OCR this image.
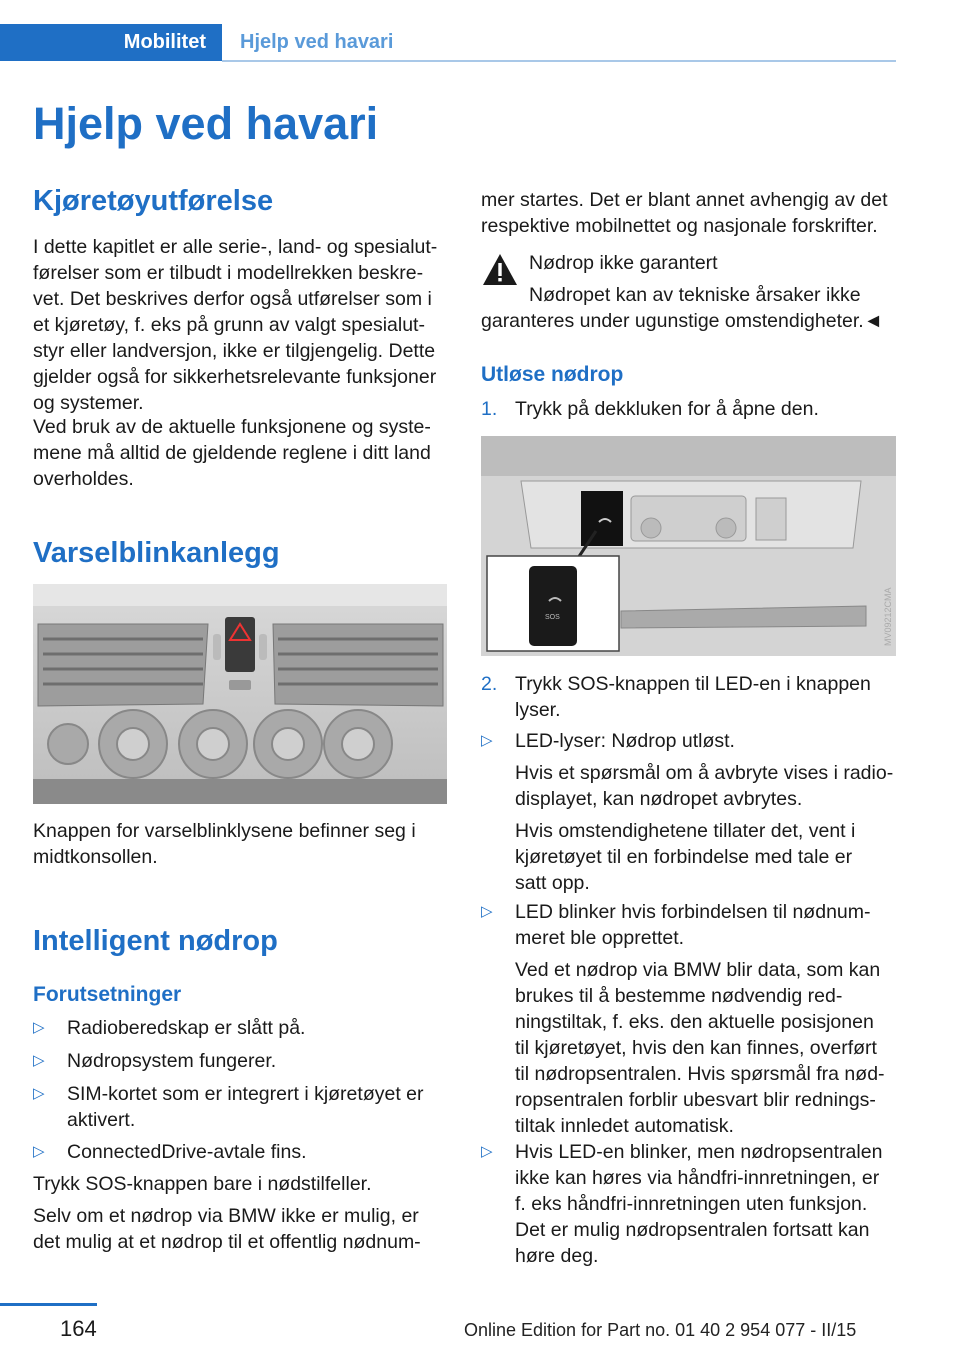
Mobilitet Hjelp ved havari
Hjelp ved havari
Kjøretøyutførelse
I dette kapitlet er alle serie-, land- og spesialut-
førelser som er tilbudt i modellrekken beskre-
vet. Det beskrives derfor også utførelser som i
et kjøretøy, f. eks på grunn av valgt spesialut-
styr eller landversjon, ikke er tilgjengelig. Dette
gjelder også for sikkerhetsrelevante funksjoner
og systemer.
Ved bruk av de aktuelle funksjonene og syste-
mene må alltid de gjeldende reglene i ditt land
overholdes.
Varselblinkanlegg
Knappen for varselblinklysene befinner seg i
midtkonsollen.
Intelligent nødrop
Forutsetninger
▷ Radioberedskap er slått på.
▷ Nødropsystem fungerer.
▷ SIM-kortet som er integrert i kjøretøyet er
aktivert.
▷ ConnectedDrive-avtale fins.
Trykk SOS-knappen bare i nødstilfeller.
Selv om et nødrop via BMW ikke er mulig, er
det mulig at et nødrop til et offentlig nødnum-
mer startes. Det er blant annet avhengig av det
respektive mobilnettet og nasjonale forskrifter.
Nødrop ikke garantert
Nødropet kan av tekniske årsaker ikke
garanteres under ugunstige omstendigheter.◄
Utløse nødrop
1. Trykk på dekkluken for å åpne den.
SOS	MV09212CMA
2. Trykk SOS-knappen til LED-en i knappen
lyser.
▷ LED-lyser: Nødrop utløst.
Hvis et spørsmål om å avbryte vises i radio-
displayet, kan nødropet avbrytes.
Hvis omstendighetene tillater det, vent i
kjøretøyet til en forbindelse med tale er
satt opp.
▷ LED blinker hvis forbindelsen til nødnum-
meret ble opprettet.
Ved et nødrop via BMW blir data, som kan
brukes til å bestemme nødvendig red-
ningstiltak, f. eks. den aktuelle posisjonen
til kjøretøyet, hvis den kan finnes, overført
til nødropsentralen. Hvis spørsmål fra nød-
ropsentralen forblir ubesvart blir rednings-
tiltak innledet automatisk.
▷ Hvis LED-en blinker, men nødropsentralen
ikke kan høres via håndfri-innretningen, er
f. eks håndfri-innretningen uten funksjon.
Det er mulig nødropsentralen fortsatt kan
høre deg.
164	Online Edition for Part no. 01 40 2 954 077 - II/15
